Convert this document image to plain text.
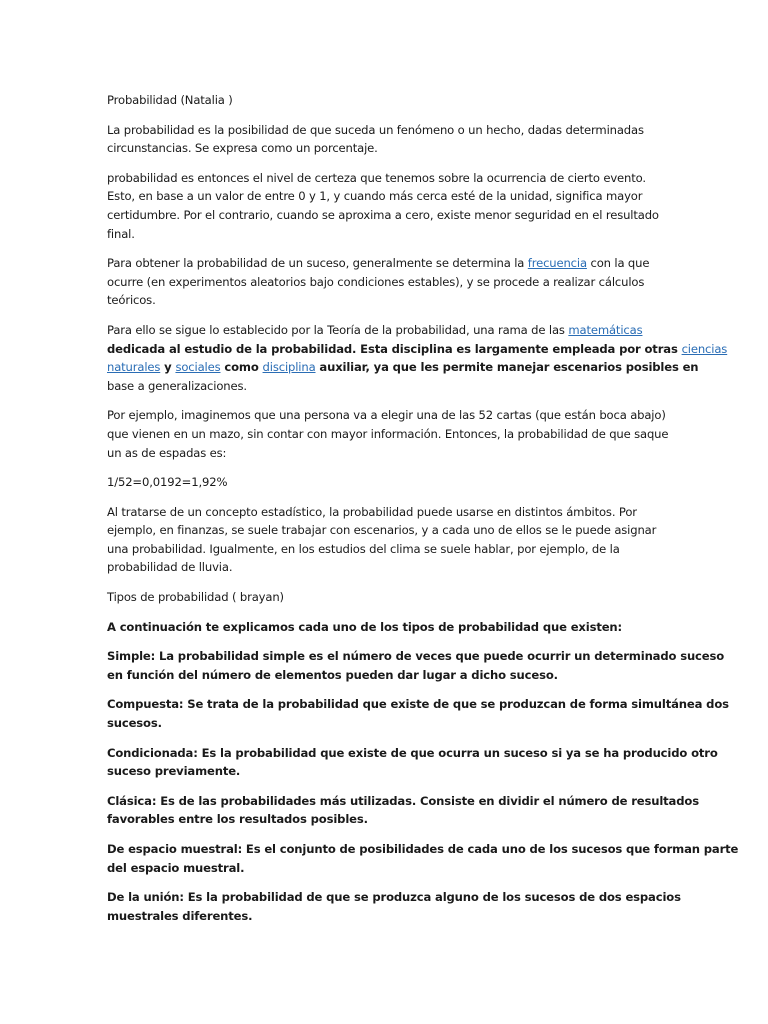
Probabilidad (Natalia )

La probabilidad es la posibilidad de que suceda un fenómeno o un hecho, dadas determinadas
circunstancias. Se expresa como un porcentaje.

probabilidad es entonces el nivel de certeza que tenemos sobre la ocurrencia de cierto evento.
Esto, en base a un valor de entre 0 y 1, y cuando más cerca esté de la unidad, significa mayor
certidumbre. Por el contrario, cuando se aproxima a cero, existe menor seguridad en el resultado
final.

Para obtener la probabilidad de un suceso, generalmente se determina la frecuencia con la que
ocurre (en experimentos aleatorios bajo condiciones estables), y se procede a realizar cálculos
teóricos.

Para ello se sigue lo establecido por la Teoría de la probabilidad, una rama de las matemáticas
dedicada al estudio de la probabilidad. Esta disciplina es largamente empleada por otras ciencias
naturales y sociales como disciplina auxiliar, ya que les permite manejar escenarios posibles en
base a generalizaciones.

Por ejemplo, imaginemos que una persona va a elegir una de las 52 cartas (que están boca abajo)
que vienen en un mazo, sin contar con mayor información. Entonces, la probabilidad de que saque
un as de espadas es:

1/52=0,0192=1,92%

Al tratarse de un concepto estadístico, la probabilidad puede usarse en distintos ámbitos. Por
ejemplo, en finanzas, se suele trabajar con escenarios, y a cada uno de ellos se le puede asignar
una probabilidad. Igualmente, en los estudios del clima se suele hablar, por ejemplo, de la
probabilidad de lluvia.

Tipos de probabilidad ( brayan)

A continuación te explicamos cada uno de los tipos de probabilidad que existen:

Simple: La probabilidad simple es el número de veces que puede ocurrir un determinado suceso
en función del número de elementos pueden dar lugar a dicho suceso.

Compuesta: Se trata de la probabilidad que existe de que se produzcan de forma simultánea dos
sucesos.

Condicionada: Es la probabilidad que existe de que ocurra un suceso si ya se ha producido otro
suceso previamente.

Clásica: Es de las probabilidades más utilizadas. Consiste en dividir el número de resultados
favorables entre los resultados posibles.

De espacio muestral: Es el conjunto de posibilidades de cada uno de los sucesos que forman parte
del espacio muestral.

De la unión: Es la probabilidad de que se produzca alguno de los sucesos de dos espacios
muestrales diferentes.
